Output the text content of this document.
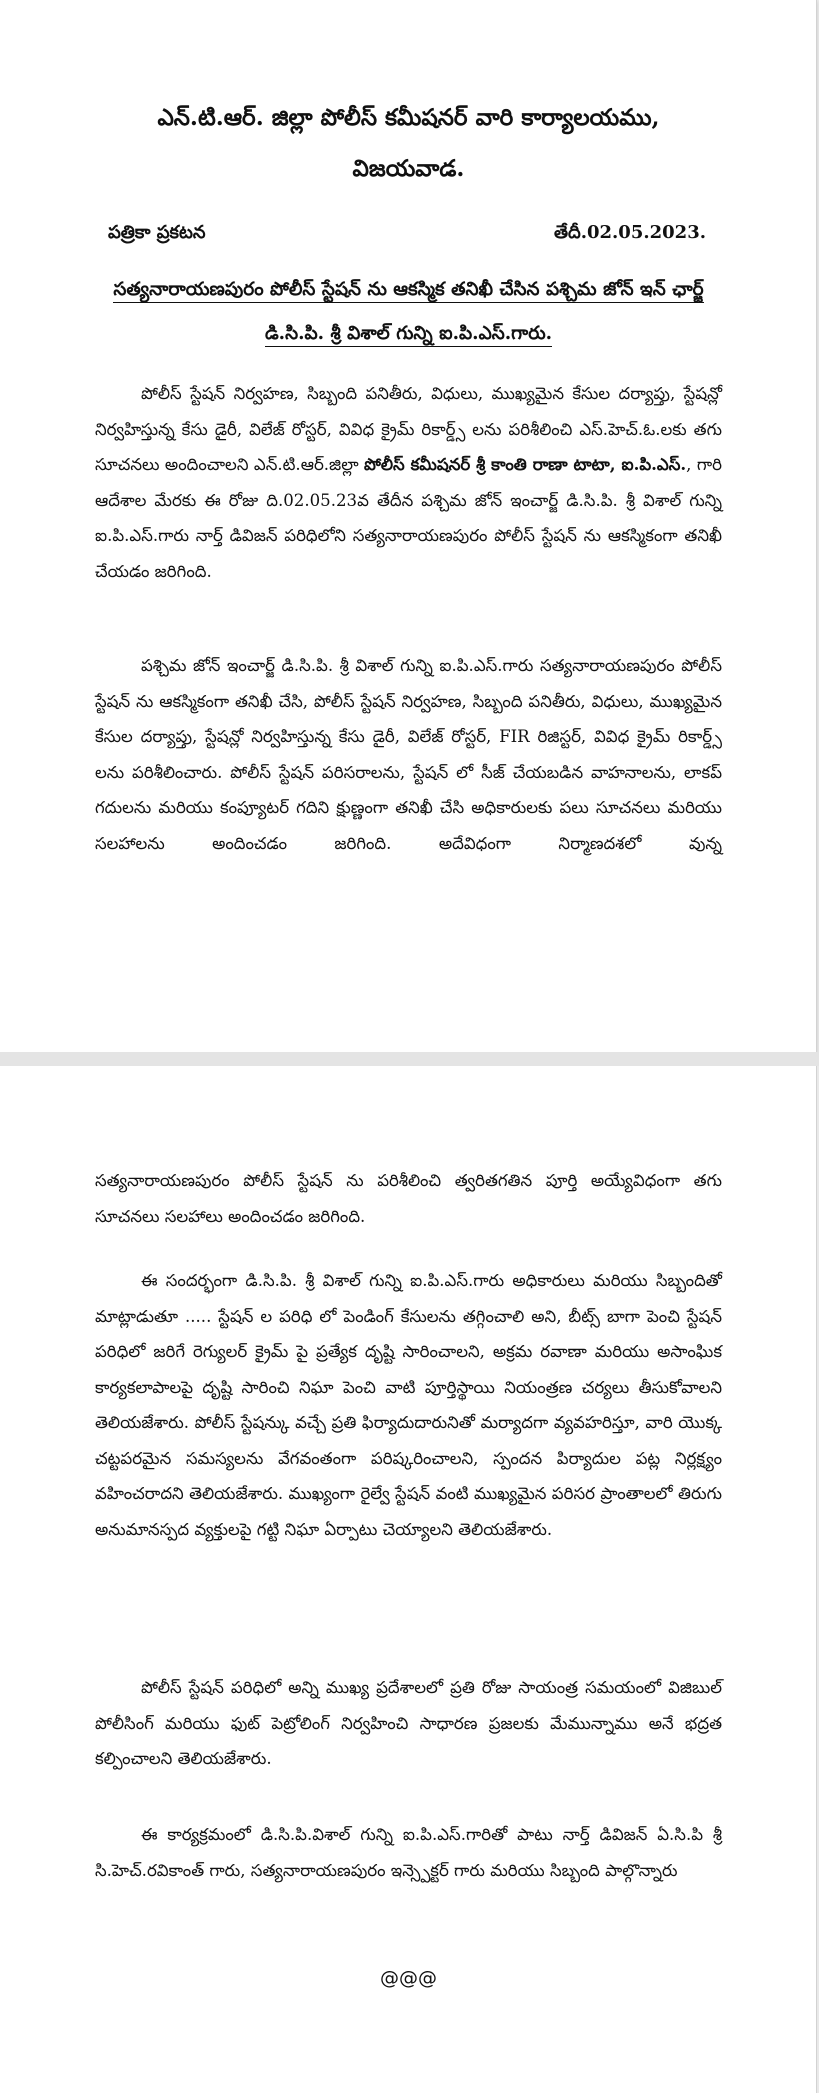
ఎన్.టి.ఆర్. జిల్లా పోలీస్ కమీషనర్ వారి కార్యాలయము,
విజయవాడ.
పత్రికా ప్రకటన	తేదీ.02.05.2023.
సత్యనారాయణపురం పోలీస్ స్టేషన్ ను ఆకస్మిక తనిఖీ చేసిన పశ్చిమ జోన్ ఇన్ ఛార్జ్
డి.సి.పి. శ్రీ విశాల్ గున్ని ఐ.పి.ఎస్.గారు.

పోలీస్ స్టేషన్ నిర్వహణ, సిబ్బంది పనితీరు, విధులు, ముఖ్యమైన కేసుల దర్యాప్తు, స్టేషన్లో నిర్వహిస్తున్న కేసు డైరీ, విలేజ్ రోస్టర్, వివిధ క్రైమ్ రికార్డ్స్ లను పరిశీలించి ఎస్.హెచ్.ఓ.లకు తగు సూచనలు అందించాలని ఎన్.టి.ఆర్.జిల్లా పోలీస్ కమీషనర్ శ్రీ కాంతి రాణా టాటా, ఐ.పి.ఎస్., గారి ఆదేశాల మేరకు ఈ రోజు ది.02.05.23వ తేదీన పశ్చిమ జోన్ ఇంచార్జ్ డి.సి.పి. శ్రీ విశాల్ గున్ని ఐ.పి.ఎస్.గారు నార్త్ డివిజన్ పరిధిలోని సత్యనారాయణపురం పోలీస్ స్టేషన్ ను ఆకస్మికంగా తనిఖీ చేయడం జరిగింది.

పశ్చిమ జోన్ ఇంచార్జ్ డి.సి.పి. శ్రీ విశాల్ గున్ని ఐ.పి.ఎస్.గారు సత్యనారాయణపురం పోలీస్ స్టేషన్ ను ఆకస్మికంగా తనిఖీ చేసి, పోలీస్ స్టేషన్ నిర్వహణ, సిబ్బంది పనితీరు, విధులు, ముఖ్యమైన కేసుల దర్యాప్తు, స్టేషన్లో నిర్వహిస్తున్న కేసు డైరీ, విలేజ్ రోస్టర్, FIR రిజిస్టర్, వివిధ క్రైమ్ రికార్డ్స్ లను పరిశీలించారు. పోలీస్ స్టేషన్ పరిసరాలను, స్టేషన్ లో సీజ్ చేయబడిన వాహనాలను, లాకప్ గదులను మరియు కంప్యూటర్ గదిని క్షుణ్ణంగా తనిఖీ చేసి అధికారులకు పలు సూచనలు మరియు సలహాలను అందించడం జరిగింది. అదేవిధంగా నిర్మాణదశలో వున్న

సత్యనారాయణపురం పోలీస్ స్టేషన్ ను పరిశీలించి త్వరితగతిన పూర్తి అయ్యేవిధంగా తగు సూచనలు సలహాలు అందించడం జరిగింది.

ఈ సందర్భంగా డి.సి.పి. శ్రీ విశాల్ గున్ని ఐ.పి.ఎస్.గారు అధికారులు మరియు సిబ్బందితో మాట్లాడుతూ ..... స్టేషన్ ల పరిధి లో పెండింగ్ కేసులను తగ్గించాలి అని, బీట్స్ బాగా పెంచి స్టేషన్ పరిధిలో జరిగే రెగ్యులర్ క్రైమ్ పై ప్రత్యేక దృష్టి సారించాలని, అక్రమ రవాణా మరియు అసాంఘిక కార్యకలాపాలపై దృష్టి సారించి నిఘా పెంచి వాటి పూర్తిస్థాయి నియంత్రణ చర్యలు తీసుకోవాలని తెలియజేశారు. పోలీస్ స్టేషన్కు వచ్చే ప్రతి ఫిర్యాదుదారునితో మర్యాదగా వ్యవహరిస్తూ, వారి యొక్క చట్టపరమైన సమస్యలను వేగవంతంగా పరిష్కరించాలని, స్పందన పిర్యాదుల పట్ల నిర్లక్ష్యం వహించరాదని తెలియజేశారు. ముఖ్యంగా రైల్వే స్టేషన్ వంటి ముఖ్యమైన పరిసర ప్రాంతాలలో తిరుగు అనుమానస్పద వ్యక్తులపై గట్టి నిఘా ఏర్పాటు చెయ్యాలని తెలియజేశారు.

పోలీస్ స్టేషన్ పరిధిలో అన్ని ముఖ్య ప్రదేశాలలో ప్రతి రోజు సాయంత్ర సమయంలో విజిబుల్ పోలీసింగ్ మరియు ఫుట్ పెట్రోలింగ్ నిర్వహించి సాధారణ ప్రజలకు మేమున్నాము అనే భద్రత కల్పించాలని తెలియజేశారు.

ఈ కార్యక్రమంలో డి.సి.పి.విశాల్ గున్ని ఐ.పి.ఎస్.గారితో పాటు నార్త్ డివిజన్ ఏ.సి.పి శ్రీ సి.హెచ్.రవికాంత్ గారు, సత్యనారాయణపురం ఇన్స్పెక్టర్ గారు మరియు సిబ్బంది పాల్గొన్నారు

@@@
